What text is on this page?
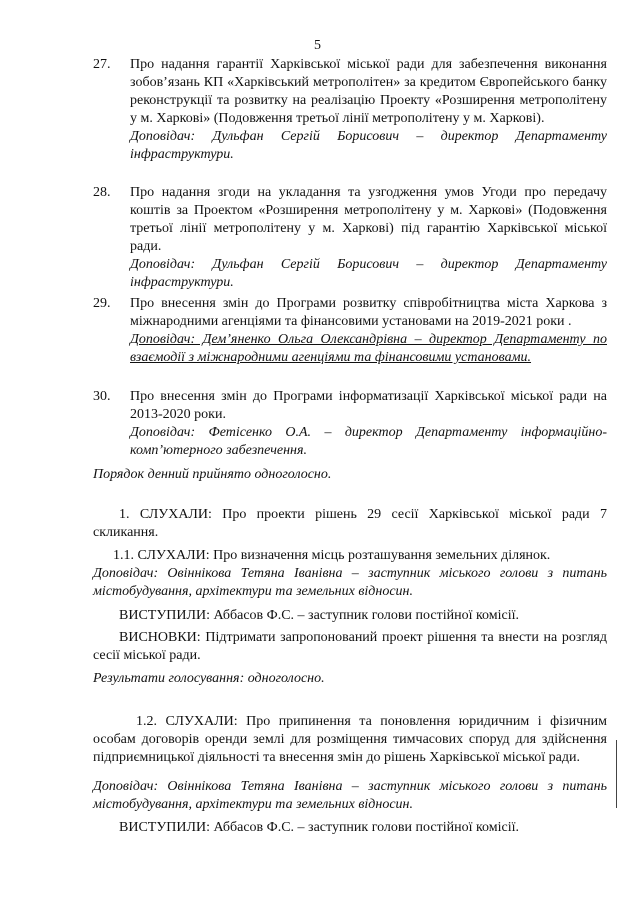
5
27. Про надання гарантії Харківської міської ради для забезпечення виконання зобов’язань КП «Харківський метрополітен» за кредитом Європейського банку реконструкції та розвитку на реалізацію Проекту «Розширення метрополітену у м. Харкові» (Подовження третьої лінії метрополітену у м. Харкові).
Доповідач: Дульфан Сергій Борисович – директор Департаменту інфраструктури.
28. Про надання згоди на укладання та узгодження умов Угоди про передачу коштів за Проектом «Розширення метрополітену у м. Харкові» (Подовження третьої лінії метрополітену у м. Харкові) під гарантію Харківської міської ради.
Доповідач: Дульфан Сергій Борисович – директор Департаменту інфраструктури.
29. Про внесення змін до Програми розвитку співробітництва міста Харкова з міжнародними агенціями та фінансовими установами на 2019-2021 роки .
Доповідач: Дем’яненко Ольга Олександрівна – директор Департаменту по взаємодії з міжнародними агенціями та фінансовими установами.
30. Про внесення змін до Програми інформатизації Харківської міської ради на 2013-2020 роки.
Доповідач: Фетісенко О.А. – директор Департаменту інформаційно-комп’ютерного забезпечення.
Порядок денний прийнято одноголосно.
1. СЛУХАЛИ: Про проекти рішень 29 сесії Харківської міської ради 7 скликання.
1.1. СЛУХАЛИ: Про визначення місць розташування земельних ділянок.
Доповідач: Овіннікова Тетяна Іванівна – заступник міського голови з питань містобудування, архітектури та земельних відносин.
ВИСТУПИЛИ: Аббасов Ф.С. – заступник голови постійної комісії.
ВИСНОВКИ: Підтримати запропонований проект рішення та внести на розгляд сесії міської ради.
Результати голосування: одноголосно.
1.2. СЛУХАЛИ: Про припинення та поновлення юридичним і фізичним особам договорів оренди землі для розміщення тимчасових споруд для здійснення підприємницької діяльності та внесення змін до рішень Харківської міської ради.
Доповідач: Овіннікова Тетяна Іванівна – заступник міського голови з питань містобудування, архітектури та земельних відносин.
ВИСТУПИЛИ: Аббасов Ф.С. – заступник голови постійної комісії.
